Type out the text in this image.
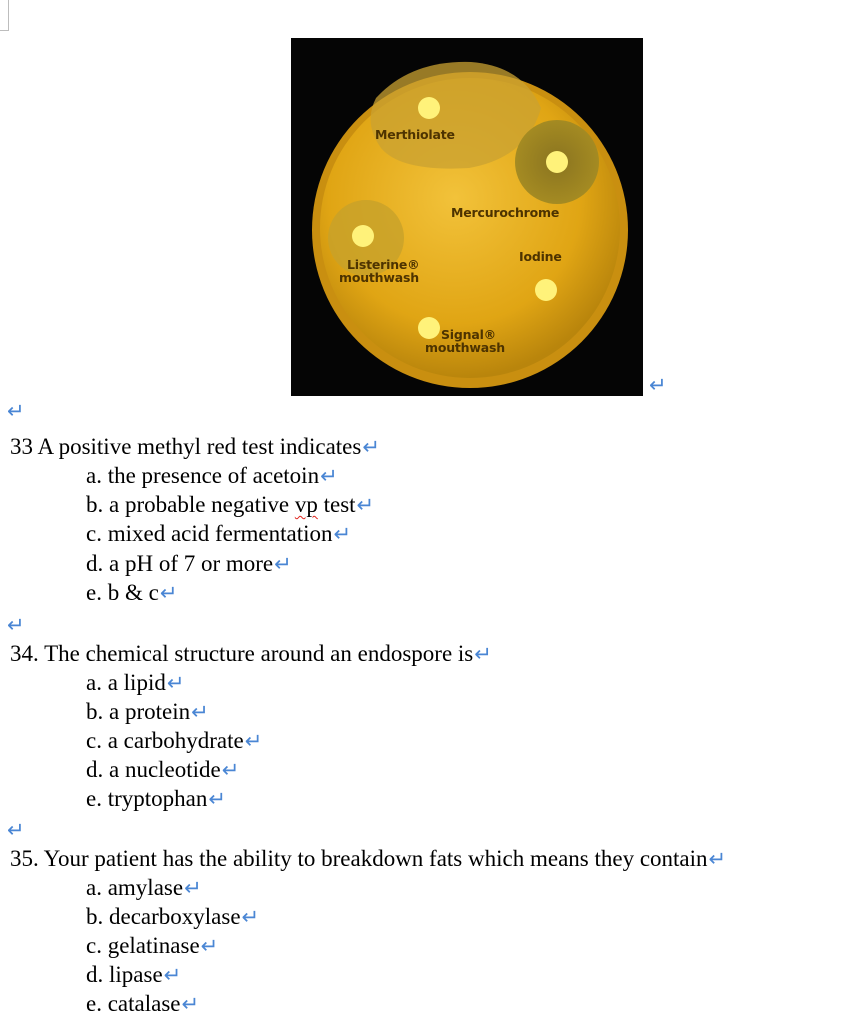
Merthiolate
Mercurochrome
Listerine®
mouthwash
Iodine
Signal®
mouthwash
↵
↵
33 A positive methyl red test indicates↵
a. the presence of acetoin↵
b. a probable negative vp test↵
c. mixed acid fermentation↵
d. a pH of 7 or more↵
e. b & c↵
↵
34. The chemical structure around an endospore is↵
a. a lipid↵
b. a protein↵
c. a carbohydrate↵
d. a nucleotide↵
e. tryptophan↵
↵
35. Your patient has the ability to breakdown fats which means they contain↵
a. amylase↵
b. decarboxylase↵
c. gelatinase↵
d. lipase↵
e. catalase↵
